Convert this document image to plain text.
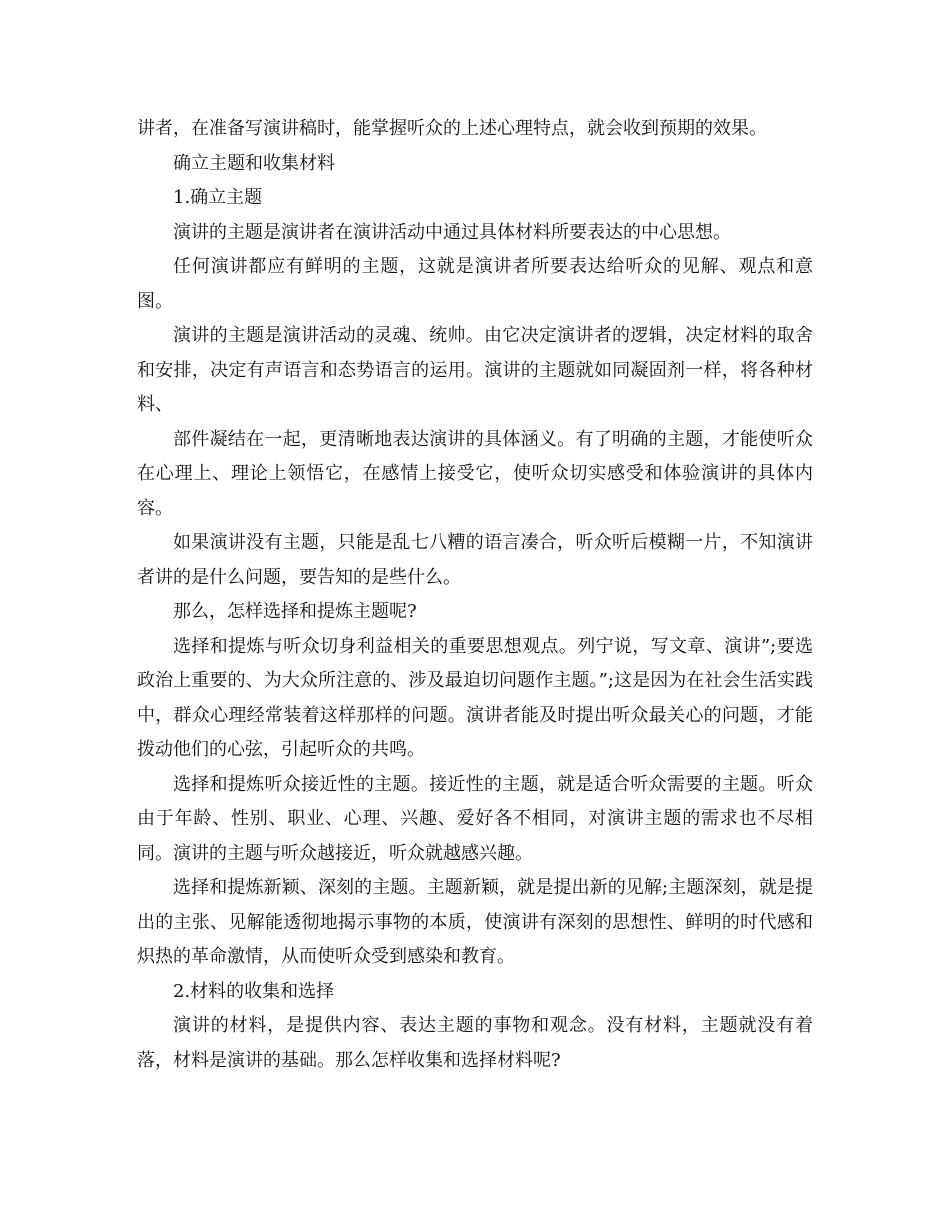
讲者，在准备写演讲稿时，能掌握听众的上述心理特点，就会收到预期的效果。

确立主题和收集材料

1.确立主题

演讲的主题是演讲者在演讲活动中通过具体材料所要表达的中心思想。

任何演讲都应有鲜明的主题，这就是演讲者所要表达给听众的见解、观点和意图。

演讲的主题是演讲活动的灵魂、统帅。由它决定演讲者的逻辑，决定材料的取舍和安排，决定有声语言和态势语言的运用。演讲的主题就如同凝固剂一样，将各种材料、

部件凝结在一起，更清晰地表达演讲的具体涵义。有了明确的主题，才能使听众在心理上、理论上领悟它，在感情上接受它，使听众切实感受和体验演讲的具体内容。

如果演讲没有主题，只能是乱七八糟的语言凑合，听众听后模糊一片，不知演讲者讲的是什么问题，要告知的是些什么。

那么，怎样选择和提炼主题呢?

选择和提炼与听众切身利益相关的重要思想观点。列宁说，写文章、演讲”;要选政治上重要的、为大众所注意的、涉及最迫切问题作主题。”;这是因为在社会生活实践中，群众心理经常装着这样那样的问题。演讲者能及时提出听众最关心的问题，才能拨动他们的心弦，引起听众的共鸣。

选择和提炼听众接近性的主题。接近性的主题，就是适合听众需要的主题。听众由于年龄、性别、职业、心理、兴趣、爱好各不相同，对演讲主题的需求也不尽相同。演讲的主题与听众越接近，听众就越感兴趣。

选择和提炼新颖、深刻的主题。主题新颖，就是提出新的见解;主题深刻，就是提出的主张、见解能透彻地揭示事物的本质，使演讲有深刻的思想性、鲜明的时代感和炽热的革命激情，从而使听众受到感染和教育。

2.材料的收集和选择

演讲的材料，是提供内容、表达主题的事物和观念。没有材料，主题就没有着落，材料是演讲的基础。那么怎样收集和选择材料呢?
